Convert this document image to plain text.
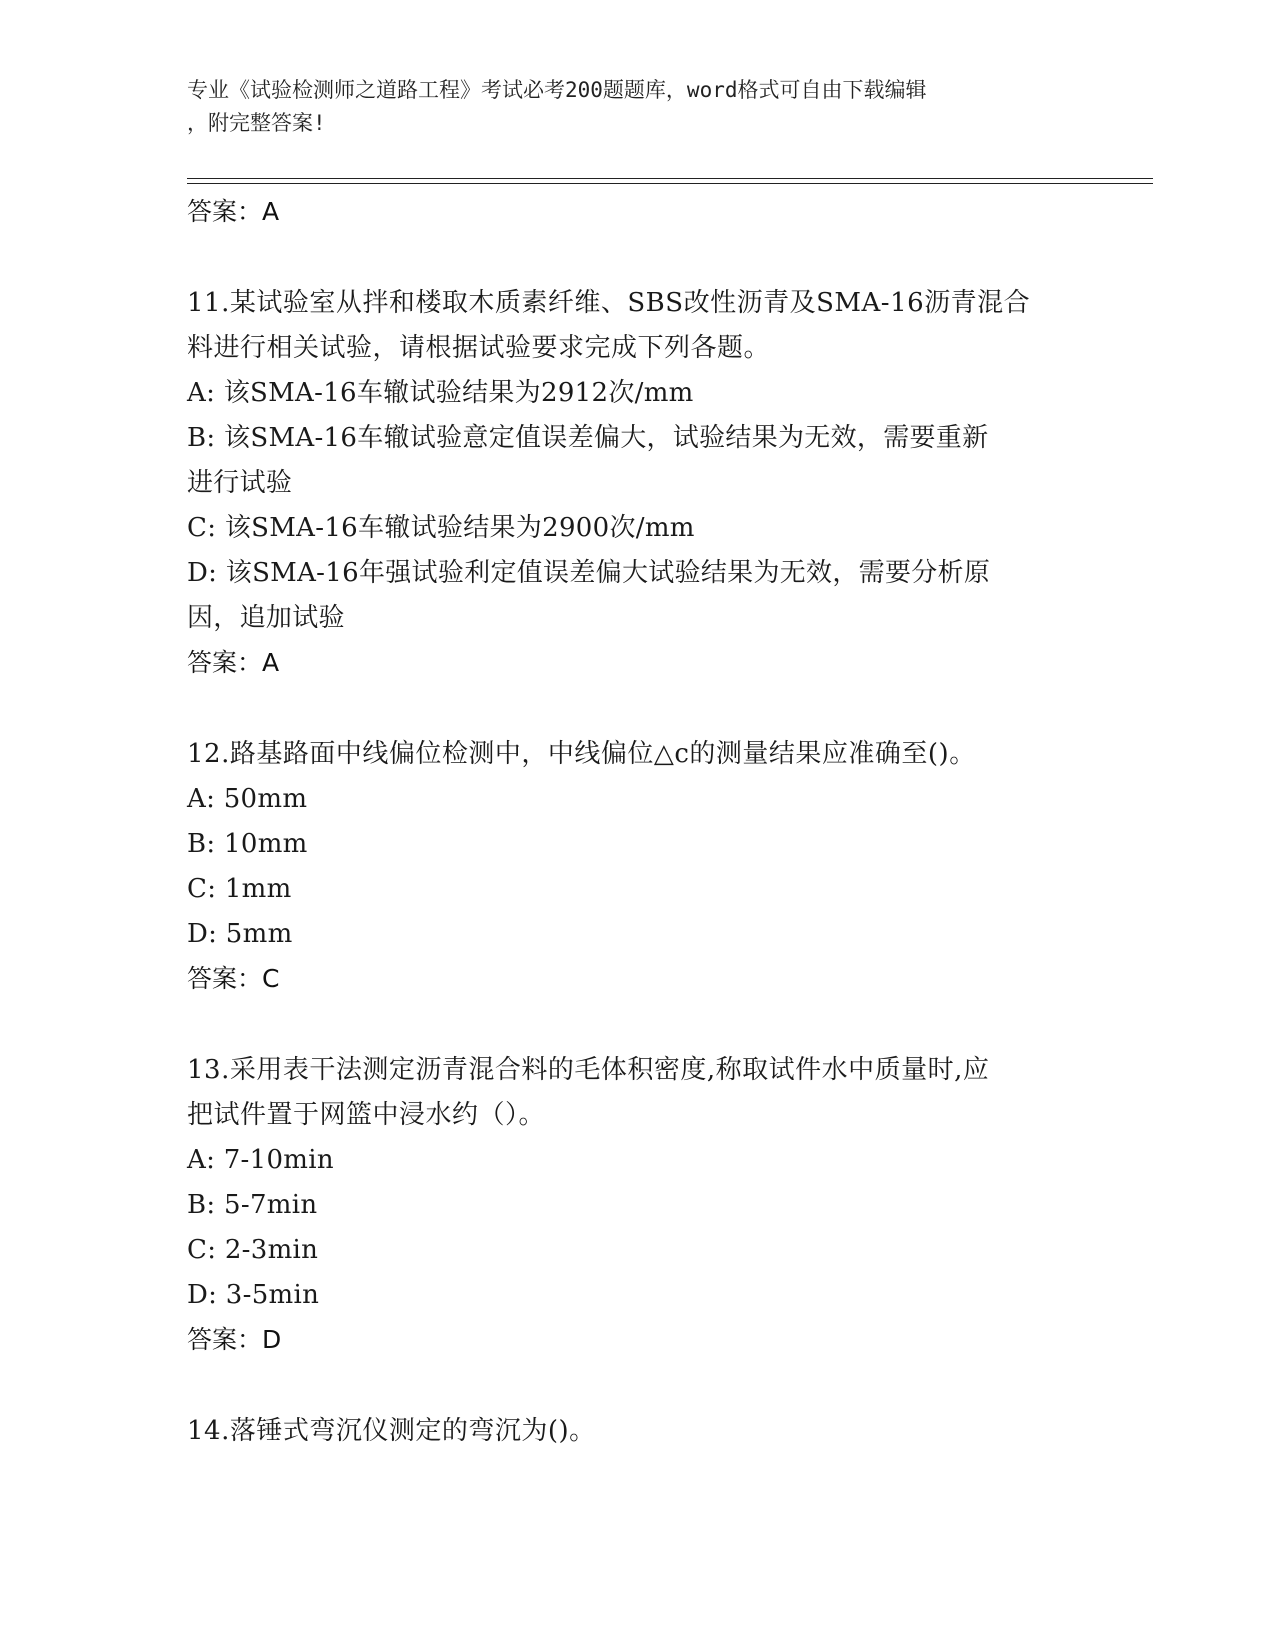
专业《试验检测师之道路工程》考试必考200题题库，word格式可自由下载编辑
，附完整答案!
答案：A
11.某试验室从拌和楼取木质素纤维、SBS改性沥青及SMA-16沥青混合
料进行相关试验，请根据试验要求完成下列各题。
A: 该SMA-16车辙试验结果为2912次/mm
B: 该SMA-16车辙试验意定值误差偏大，试验结果为无效，需要重新
进行试验
C: 该SMA-16车辙试验结果为2900次/mm
D: 该SMA-16年强试验利定值误差偏大试验结果为无效，需要分析原
因，追加试验
答案：A
12.路基路面中线偏位检测中，中线偏位△c的测量结果应准确至()。
A: 50mm
B: 10mm
C: 1mm
D: 5mm
答案：C
13.采用表干法测定沥青混合料的毛体积密度,称取试件水中质量时,应
把试件置于网篮中浸水约（）。
A: 7-10min
B: 5-7min
C: 2-3min
D: 3-5min
答案：D
14.落锤式弯沉仪测定的弯沉为()。
